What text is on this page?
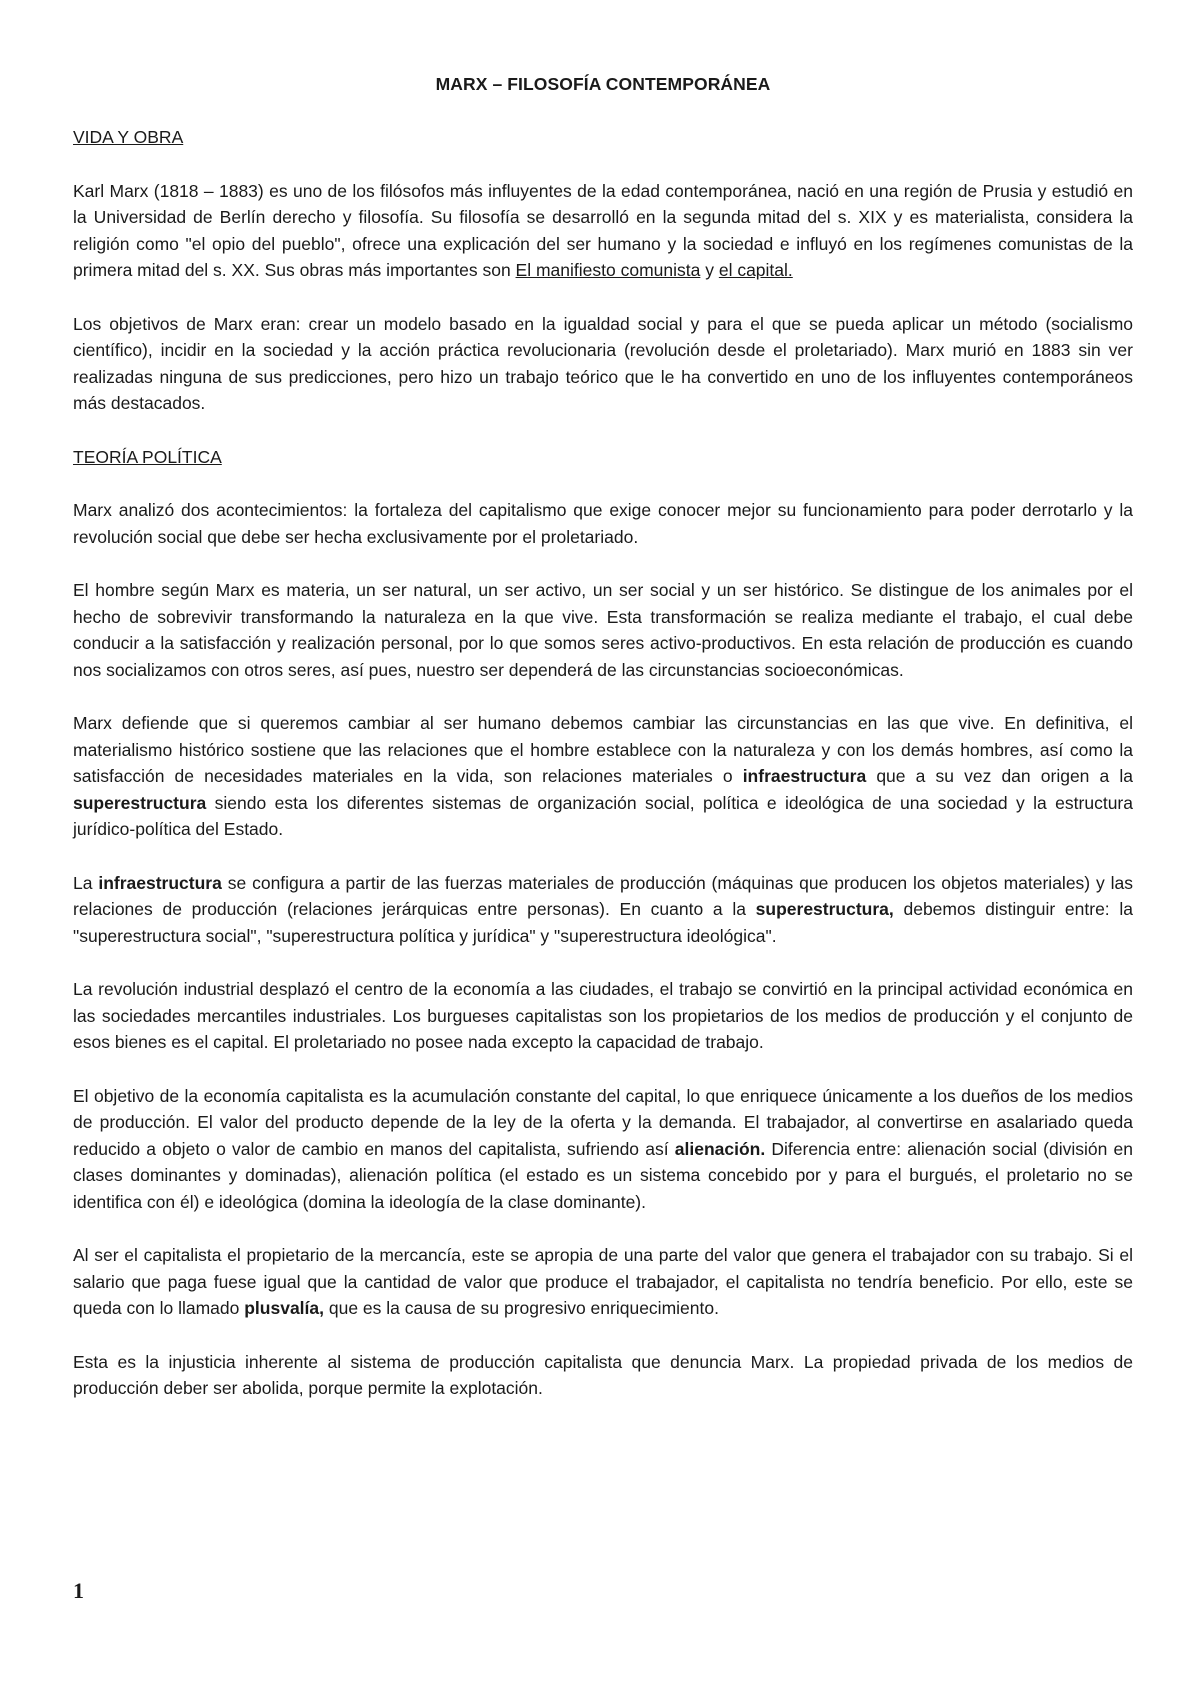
MARX – FILOSOFÍA CONTEMPORÁNEA
VIDA Y OBRA

Karl Marx (1818 – 1883) es uno de los filósofos más influyentes de la edad contemporánea, nació en una región de Prusia y estudió en la Universidad de Berlín derecho y filosofía. Su filosofía se desarrolló en la segunda mitad del s. XIX y es materialista, considera la religión como "el opio del pueblo", ofrece una explicación del ser humano y la sociedad e influyó en los regímenes comunistas de la primera mitad del s. XX. Sus obras más importantes son El manifiesto comunista y el capital.

Los objetivos de Marx eran: crear un modelo basado en la igualdad social y para el que se pueda aplicar un método (socialismo científico), incidir en la sociedad y la acción práctica revolucionaria (revolución desde el proletariado). Marx murió en 1883 sin ver realizadas ninguna de sus predicciones, pero hizo un trabajo teórico que le ha convertido en uno de los influyentes contemporáneos más destacados.

TEORÍA POLÍTICA

Marx analizó dos acontecimientos: la fortaleza del capitalismo que exige conocer mejor su funcionamiento para poder derrotarlo y la revolución social que debe ser hecha exclusivamente por el proletariado.

El hombre según Marx es materia, un ser natural, un ser activo, un ser social y un ser histórico. Se distingue de los animales por el hecho de sobrevivir transformando la naturaleza en la que vive. Esta transformación se realiza mediante el trabajo, el cual debe conducir a la satisfacción y realización personal, por lo que somos seres activo-productivos. En esta relación de producción es cuando nos socializamos con otros seres, así pues, nuestro ser dependerá de las circunstancias socioeconómicas.

Marx defiende que si queremos cambiar al ser humano debemos cambiar las circunstancias en las que vive. En definitiva, el materialismo histórico sostiene que las relaciones que el hombre establece con la naturaleza y con los demás hombres, así como la satisfacción de necesidades materiales en la vida, son relaciones materiales o infraestructura que a su vez dan origen a la superestructura siendo esta los diferentes sistemas de organización social, política e ideológica de una sociedad y la estructura jurídico-política del Estado.

La infraestructura se configura a partir de las fuerzas materiales de producción (máquinas que producen los objetos materiales) y las relaciones de producción (relaciones jerárquicas entre personas). En cuanto a la superestructura, debemos distinguir entre: la "superestructura social", "superestructura política y jurídica" y "superestructura ideológica".

La revolución industrial desplazó el centro de la economía a las ciudades, el trabajo se convirtió en la principal actividad económica en las sociedades mercantiles industriales. Los burgueses capitalistas son los propietarios de los medios de producción y el conjunto de esos bienes es el capital. El proletariado no posee nada excepto la capacidad de trabajo.

El objetivo de la economía capitalista es la acumulación constante del capital, lo que enriquece únicamente a los dueños de los medios de producción. El valor del producto depende de la ley de la oferta y la demanda. El trabajador, al convertirse en asalariado queda reducido a objeto o valor de cambio en manos del capitalista, sufriendo así alienación. Diferencia entre: alienación social (división en clases dominantes y dominadas), alienación política (el estado es un sistema concebido por y para el burgués, el proletario no se identifica con él) e ideológica (domina la ideología de la clase dominante).

Al ser el capitalista el propietario de la mercancía, este se apropia de una parte del valor que genera el trabajador con su trabajo. Si el salario que paga fuese igual que la cantidad de valor que produce el trabajador, el capitalista no tendría beneficio. Por ello, este se queda con lo llamado plusvalía, que es la causa de su progresivo enriquecimiento.

Esta es la injusticia inherente al sistema de producción capitalista que denuncia Marx. La propiedad privada de los medios de producción deber ser abolida, porque permite la explotación.

1
